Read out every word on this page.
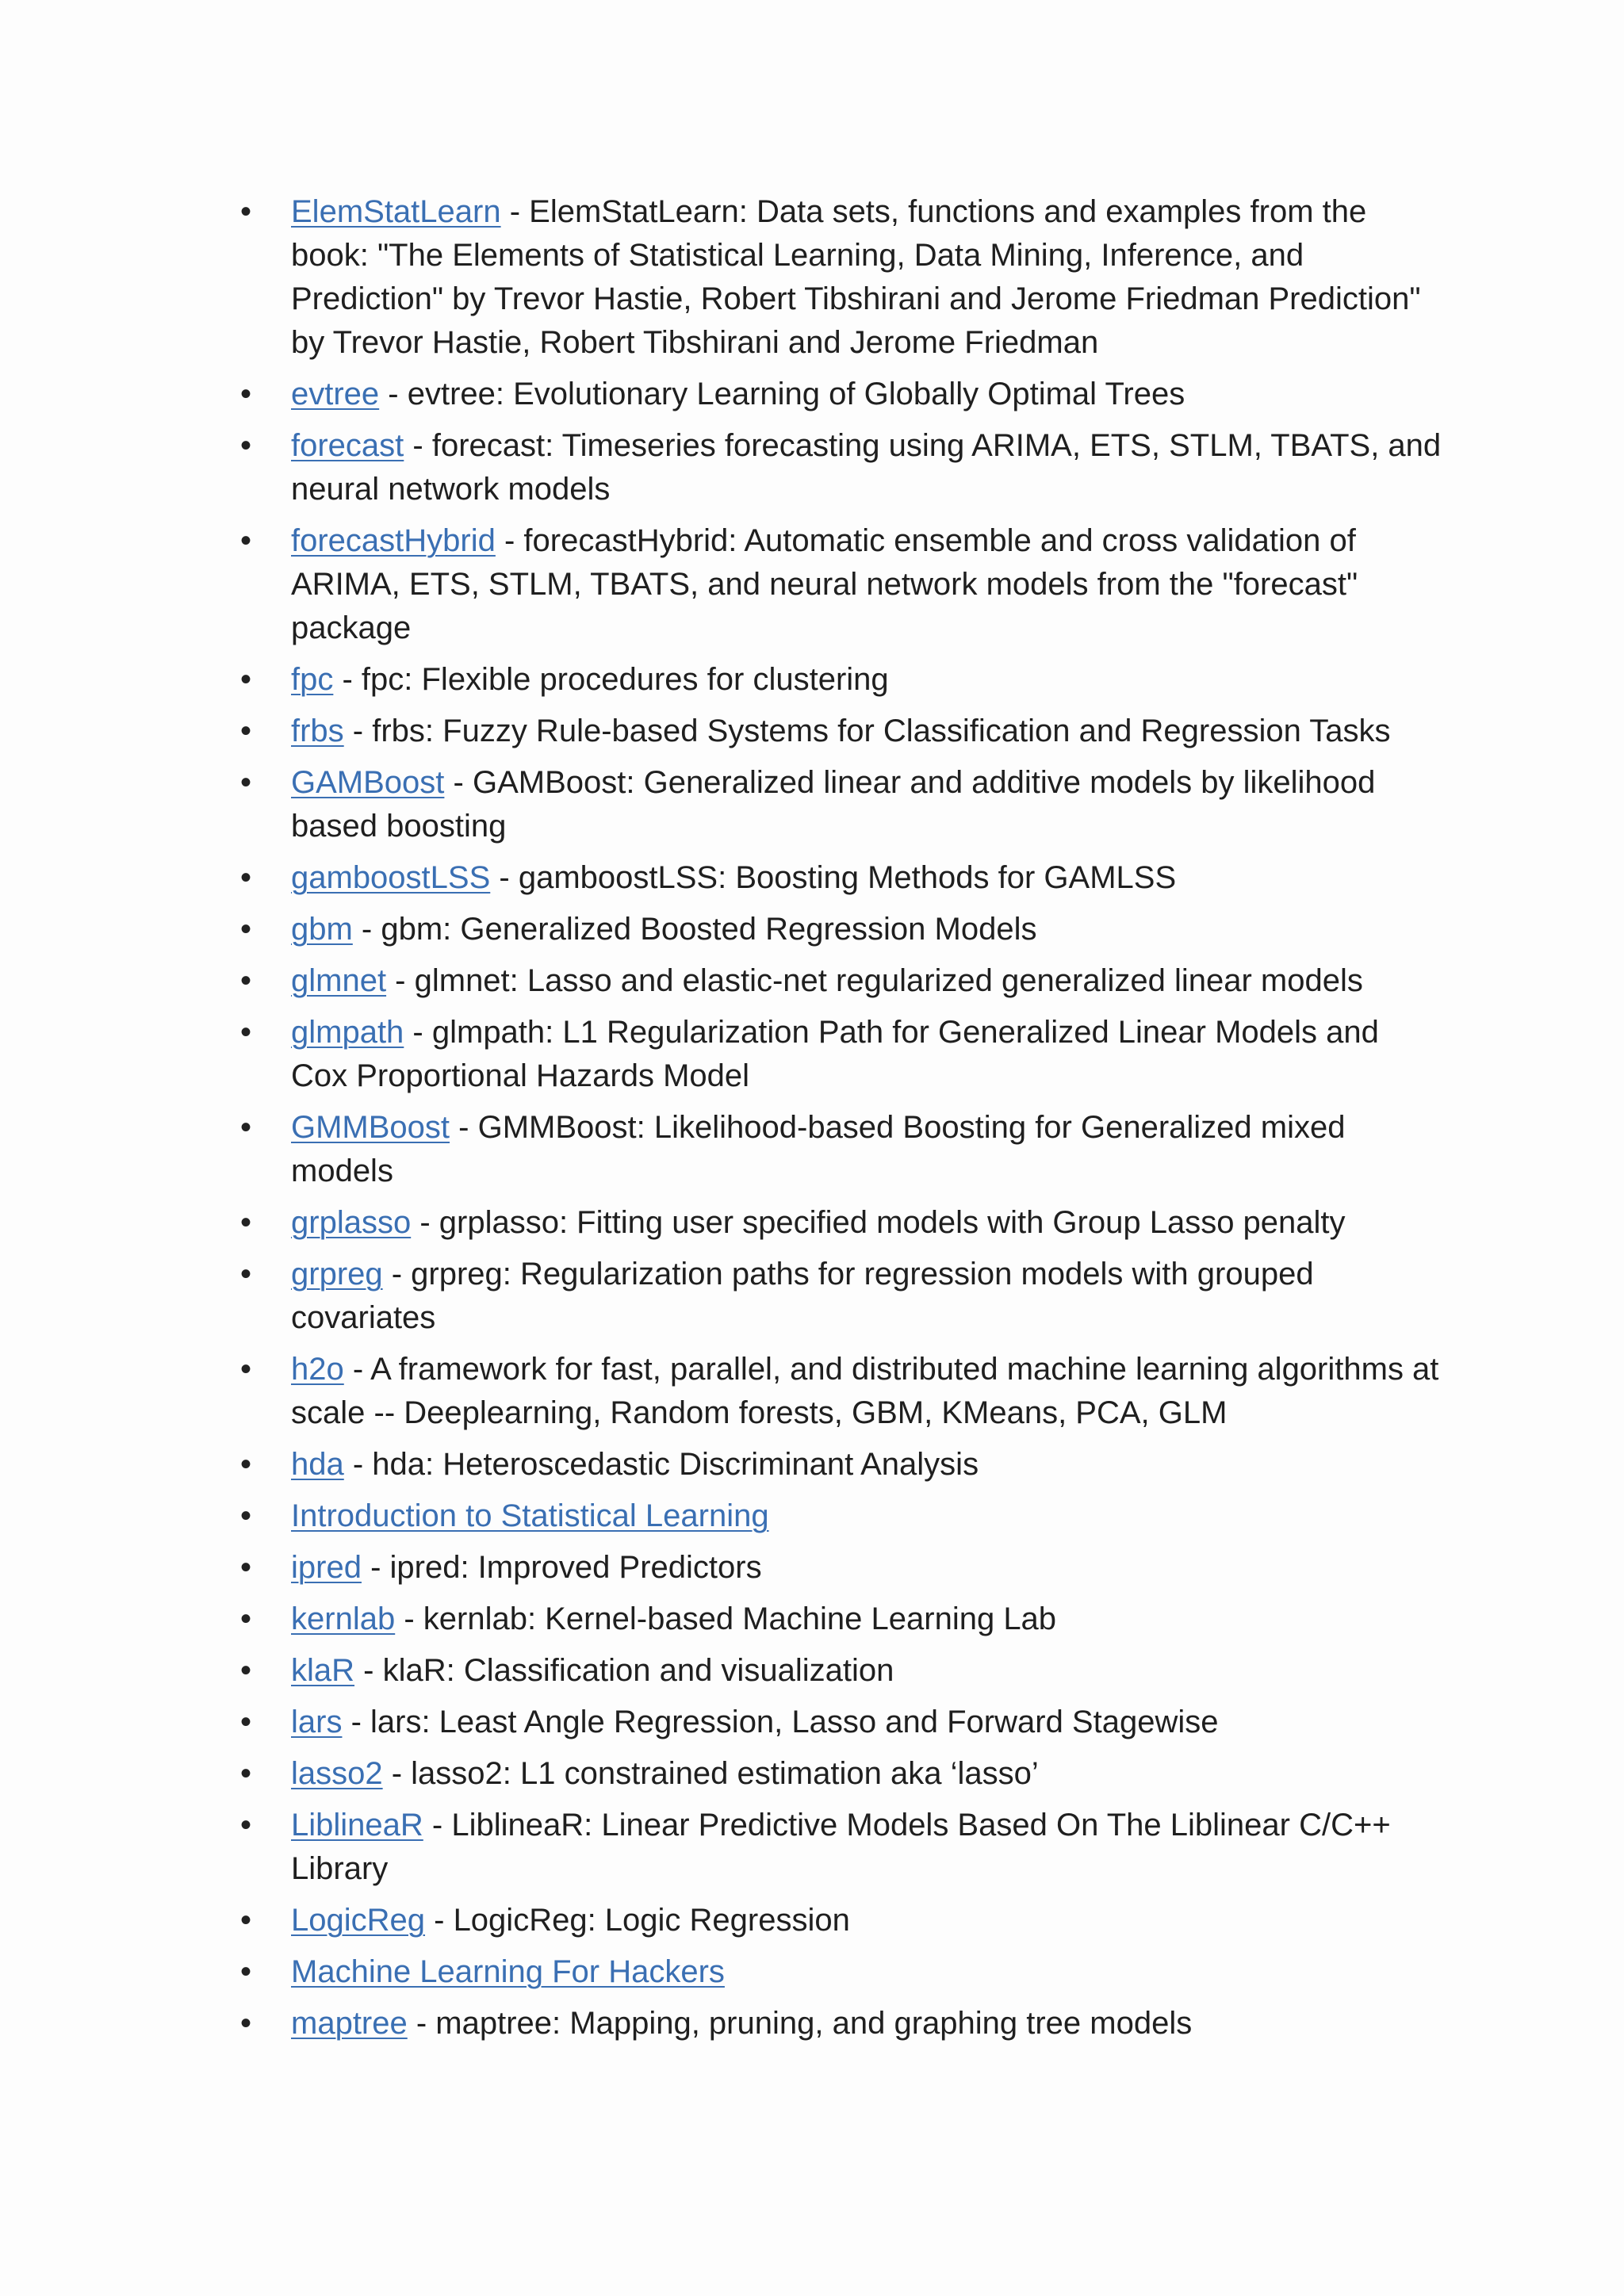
• ElemStatLearn - ElemStatLearn: Data sets, functions and examples from the book: "The Elements of Statistical Learning, Data Mining, Inference, and Prediction" by Trevor Hastie, Robert Tibshirani and Jerome Friedman Prediction" by Trevor Hastie, Robert Tibshirani and Jerome Friedman
• evtree - evtree: Evolutionary Learning of Globally Optimal Trees
• forecast - forecast: Timeseries forecasting using ARIMA, ETS, STLM, TBATS, and neural network models
• forecastHybrid - forecastHybrid: Automatic ensemble and cross validation of ARIMA, ETS, STLM, TBATS, and neural network models from the "forecast" package
• fpc - fpc: Flexible procedures for clustering
• frbs - frbs: Fuzzy Rule-based Systems for Classification and Regression Tasks
• GAMBoost - GAMBoost: Generalized linear and additive models by likelihood based boosting
• gamboostLSS - gamboostLSS: Boosting Methods for GAMLSS
• gbm - gbm: Generalized Boosted Regression Models
• glmnet - glmnet: Lasso and elastic-net regularized generalized linear models
• glmpath - glmpath: L1 Regularization Path for Generalized Linear Models and Cox Proportional Hazards Model
• GMMBoost - GMMBoost: Likelihood-based Boosting for Generalized mixed models
• grplasso - grplasso: Fitting user specified models with Group Lasso penalty
• grpreg - grpreg: Regularization paths for regression models with grouped covariates
• h2o - A framework for fast, parallel, and distributed machine learning algorithms at scale -- Deeplearning, Random forests, GBM, KMeans, PCA, GLM
• hda - hda: Heteroscedastic Discriminant Analysis
• Introduction to Statistical Learning
• ipred - ipred: Improved Predictors
• kernlab - kernlab: Kernel-based Machine Learning Lab
• klaR - klaR: Classification and visualization
• lars - lars: Least Angle Regression, Lasso and Forward Stagewise
• lasso2 - lasso2: L1 constrained estimation aka ‘lasso’
• LiblineaR - LiblineaR: Linear Predictive Models Based On The Liblinear C/C++ Library
• LogicReg - LogicReg: Logic Regression
• Machine Learning For Hackers
• maptree - maptree: Mapping, pruning, and graphing tree models
